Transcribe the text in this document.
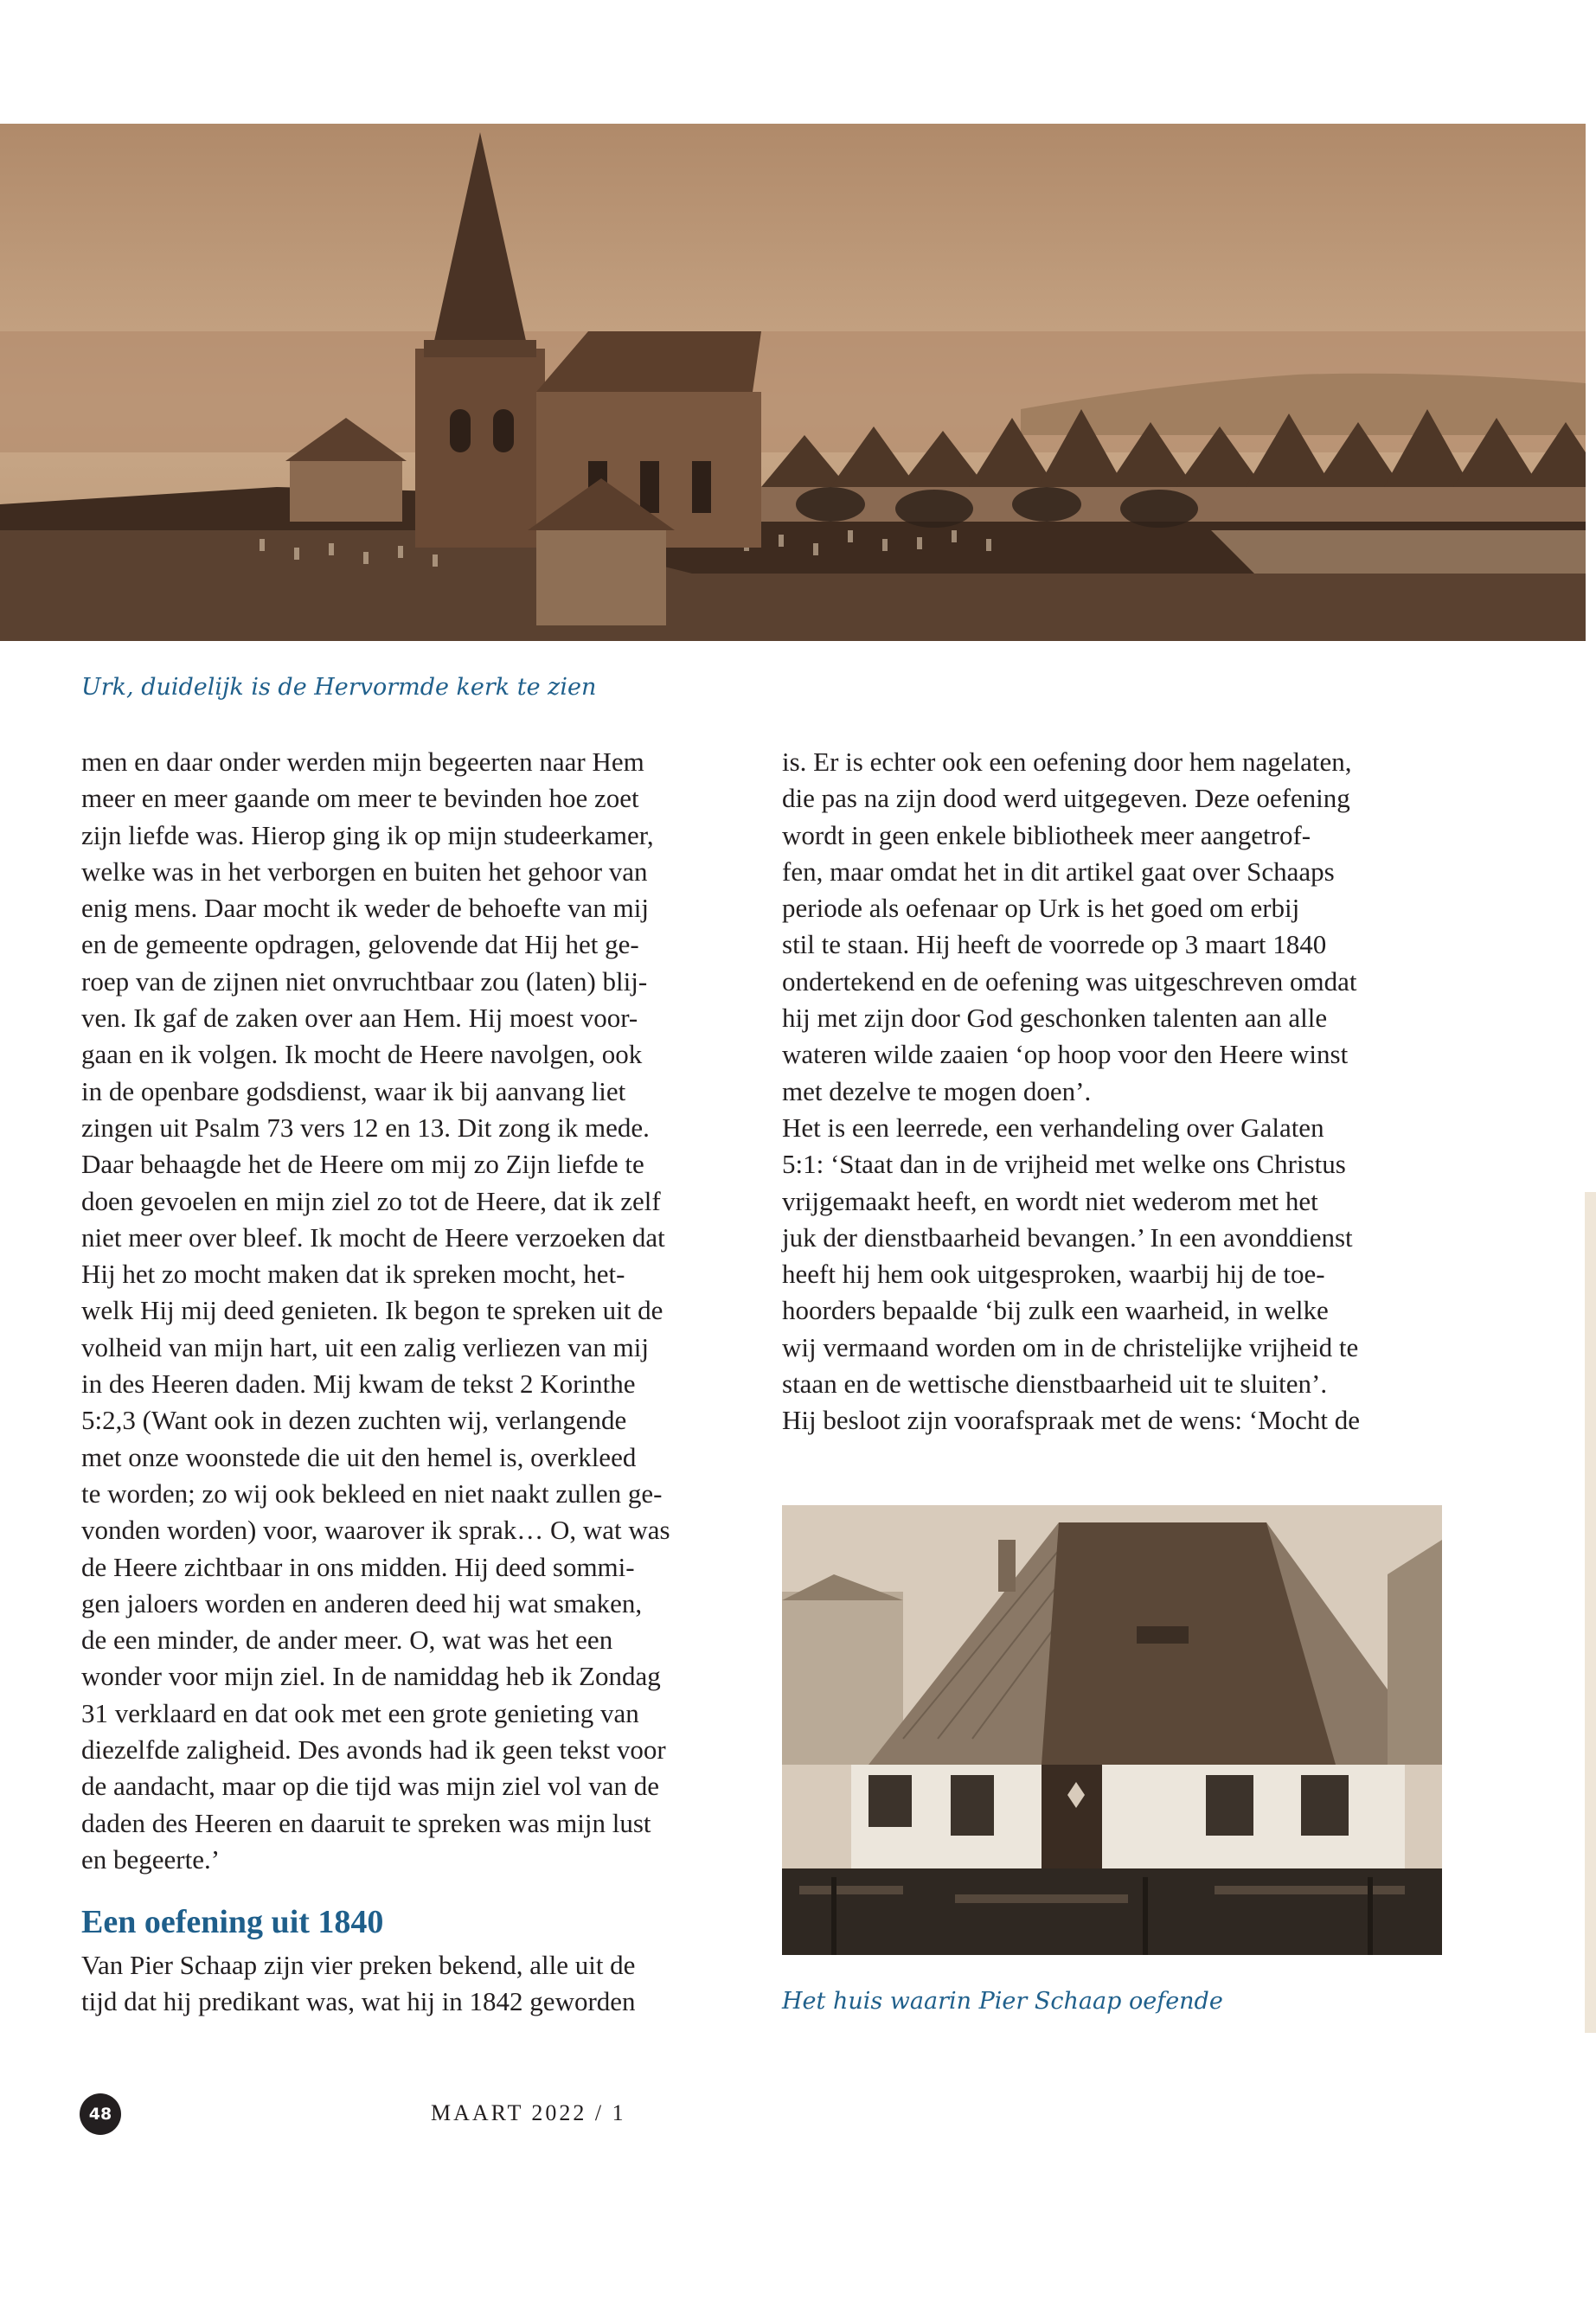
Urk, duidelijk is de Hervormde kerk te zien
men en daar onder werden mijn begeerten naar Hem
meer en meer gaande om meer te bevinden hoe zoet
zijn liefde was. Hierop ging ik op mijn studeerkamer,
welke was in het verborgen en buiten het gehoor van
enig mens. Daar mocht ik weder de behoefte van mij
en de gemeente opdragen, gelovende dat Hij het ge-
roep van de zijnen niet onvruchtbaar zou (laten) blij-
ven. Ik gaf de zaken over aan Hem. Hij moest voor-
gaan en ik volgen. Ik mocht de Heere navolgen, ook
in de openbare godsdienst, waar ik bij aanvang liet
zingen uit Psalm 73 vers 12 en 13. Dit zong ik mede.
Daar behaagde het de Heere om mij zo Zijn liefde te
doen gevoelen en mijn ziel zo tot de Heere, dat ik zelf
niet meer over bleef. Ik mocht de Heere verzoeken dat
Hij het zo mocht maken dat ik spreken mocht, het-
welk Hij mij deed genieten. Ik begon te spreken uit de
volheid van mijn hart, uit een zalig verliezen van mij
in des Heeren daden. Mij kwam de tekst 2 Korinthe
5:2,3 (Want ook in dezen zuchten wij, verlangende
met onze woonstede die uit den hemel is, overkleed
te worden; zo wij ook bekleed en niet naakt zullen ge-
vonden worden) voor, waarover ik sprak… O, wat was
de Heere zichtbaar in ons midden. Hij deed sommi-
gen jaloers worden en anderen deed hij wat smaken,
de een minder, de ander meer. O, wat was het een
wonder voor mijn ziel. In de namiddag heb ik Zondag
31 verklaard en dat ook met een grote genieting van
diezelfde zaligheid. Des avonds had ik geen tekst voor
de aandacht, maar op die tijd was mijn ziel vol van de
daden des Heeren en daaruit te spreken was mijn lust
en begeerte.’
Een oefening uit 1840
Van Pier Schaap zijn vier preken bekend, alle uit de
tijd dat hij predikant was, wat hij in 1842 geworden
is. Er is echter ook een oefening door hem nagelaten,
die pas na zijn dood werd uitgegeven. Deze oefening
wordt in geen enkele bibliotheek meer aangetrof-
fen, maar omdat het in dit artikel gaat over Schaaps
periode als oefenaar op Urk is het goed om erbij
stil te staan. Hij heeft de voorrede op 3 maart 1840
ondertekend en de oefening was uitgeschreven omdat
hij met zijn door God geschonken talenten aan alle
wateren wilde zaaien ‘op hoop voor den Heere winst
met dezelve te mogen doen’.
Het is een leerrede, een verhandeling over Galaten
5:1: ‘Staat dan in de vrijheid met welke ons Christus
vrijgemaakt heeft, en wordt niet wederom met het
juk der dienstbaarheid bevangen.’ In een avonddienst
heeft hij hem ook uitgesproken, waarbij hij de toe-
hoorders bepaalde ‘bij zulk een waarheid, in welke
wij vermaand worden om in de christelijke vrijheid te
staan en de wettische dienstbaarheid uit te sluiten’.
Hij besloot zijn voorafspraak met de wens: ‘Mocht de
Het huis waarin Pier Schaap oefende
48	MAART 2022 / 1
